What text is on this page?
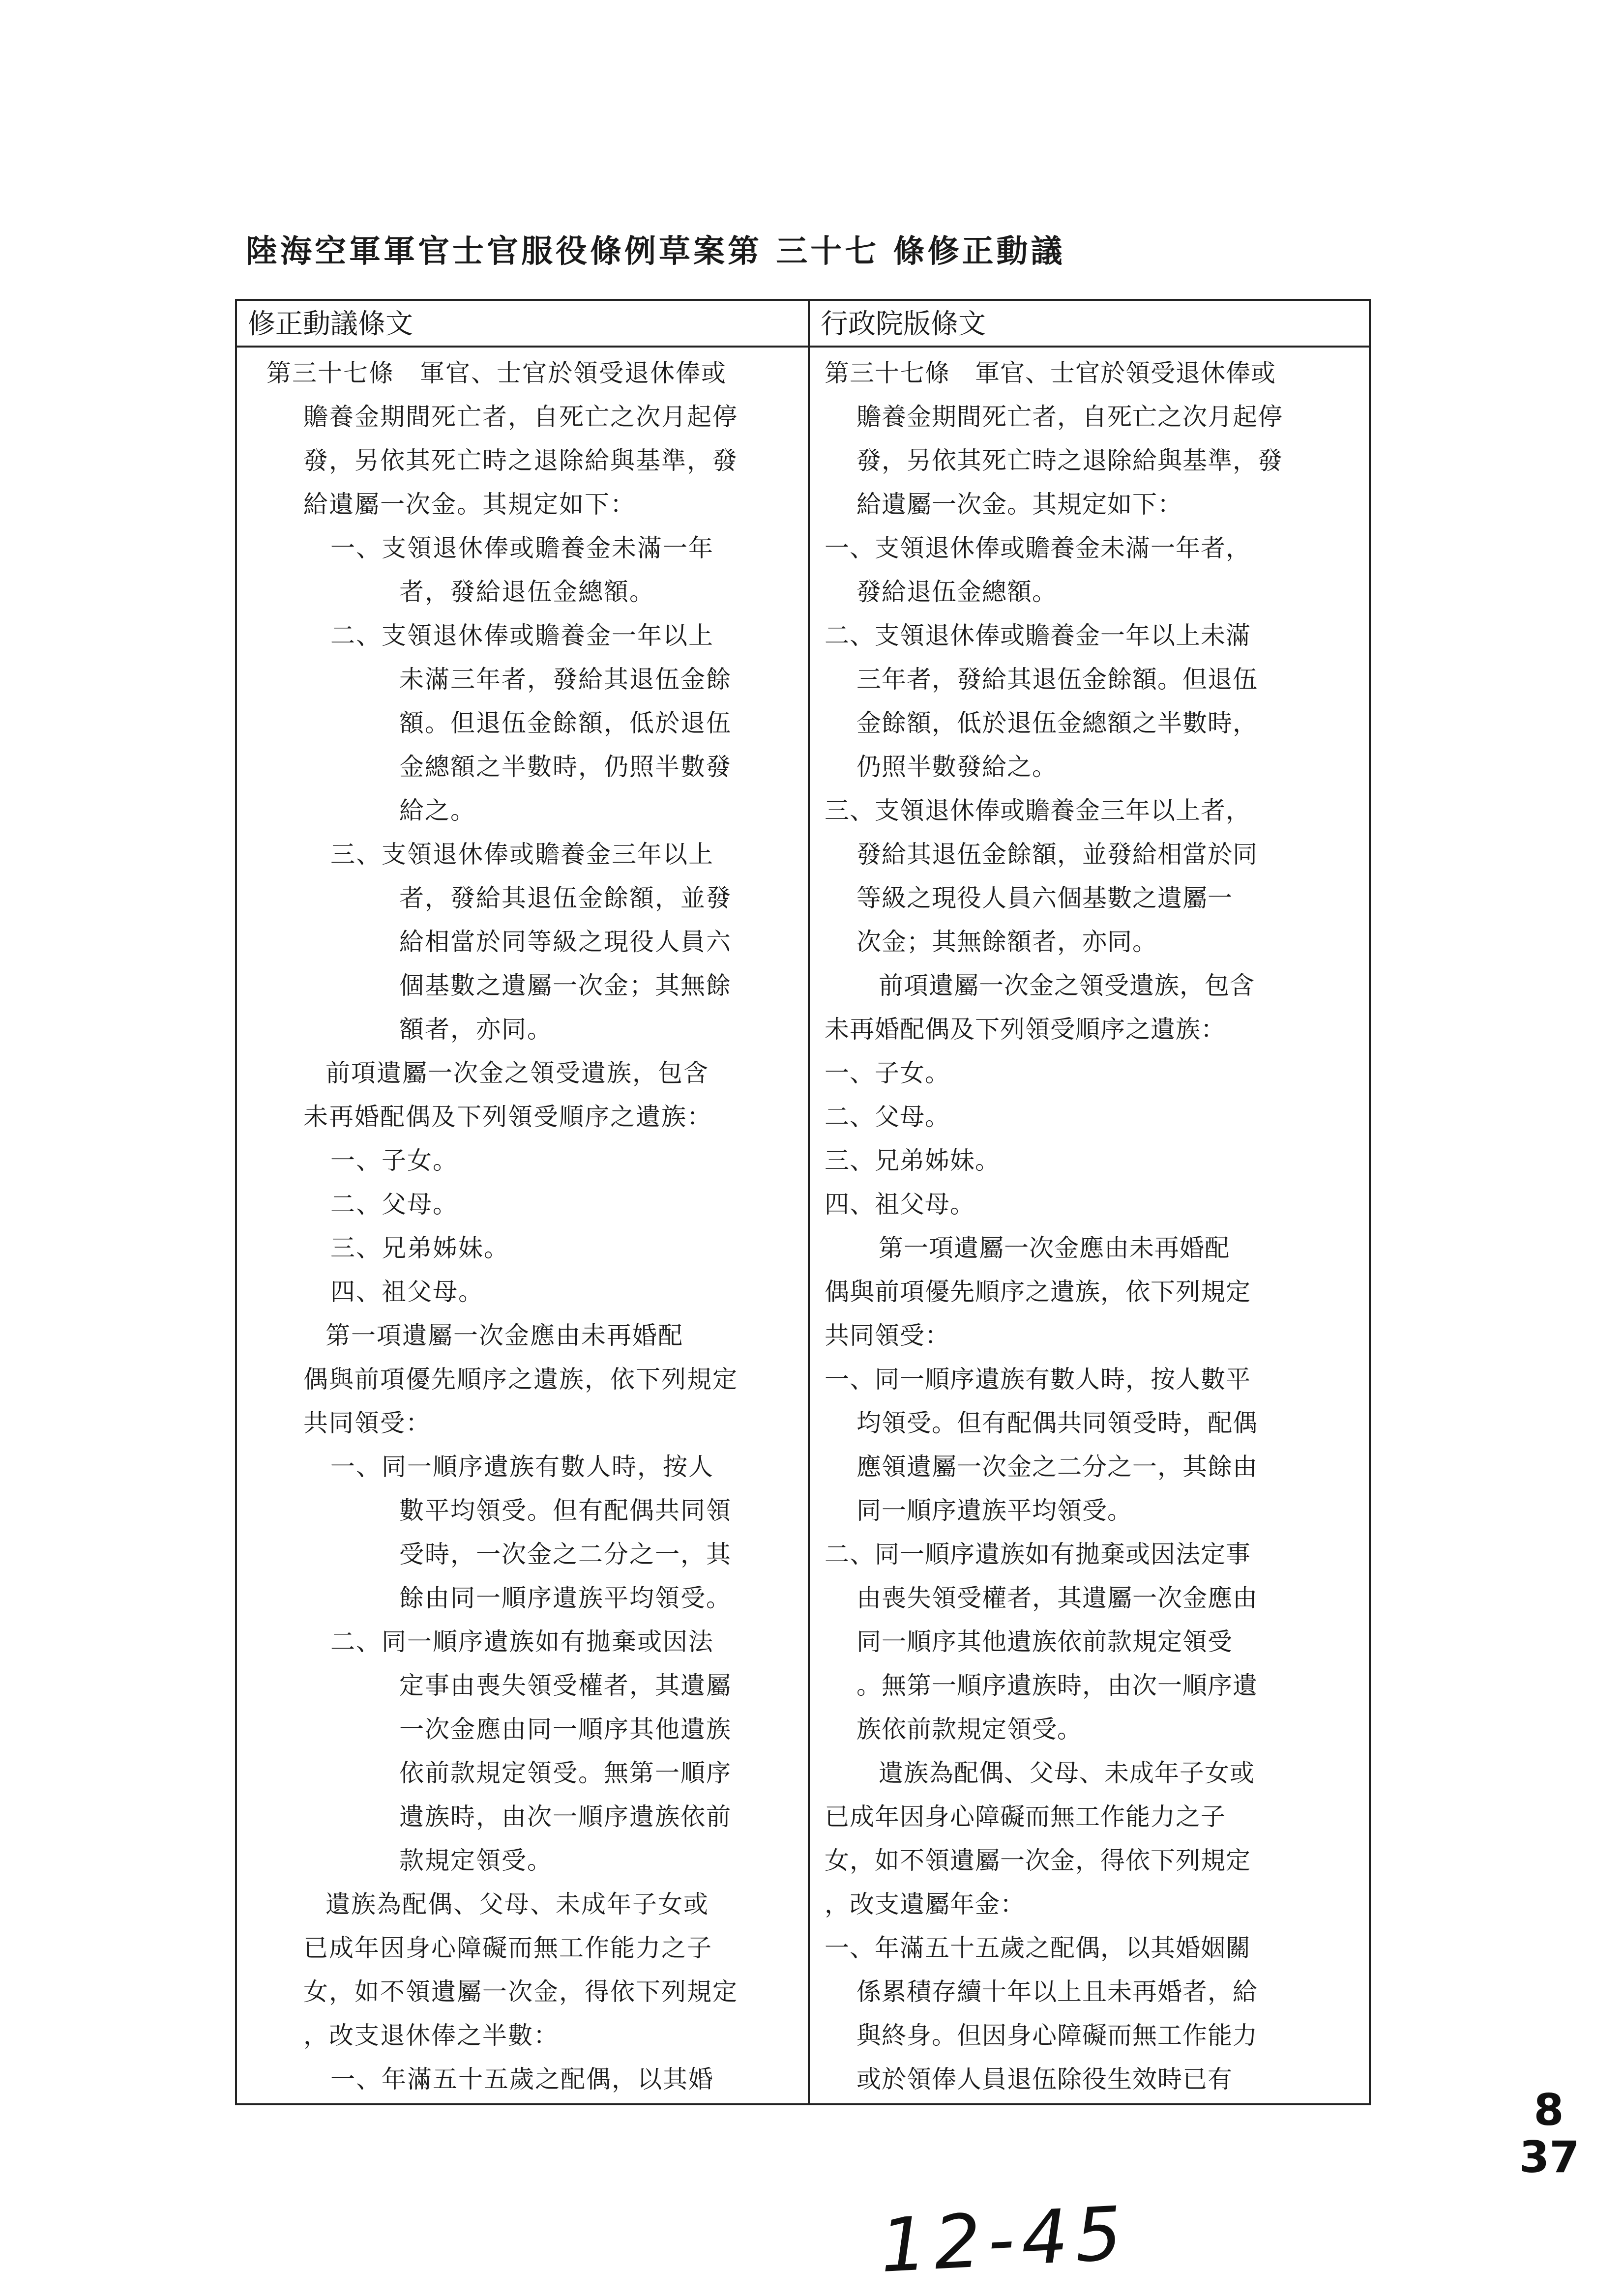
陸海空軍軍官士官服役條例草案第 三十七 條修正動議
修正動議條文
第三十七條　軍官、士官於領受退休俸或
贍養金期間死亡者，自死亡之次月起停
發，另依其死亡時之退除給與基準，發
給遺屬一次金。其規定如下：
一、支領退休俸或贍養金未滿一年
者，發給退伍金總額。
二、支領退休俸或贍養金一年以上
未滿三年者，發給其退伍金餘
額。但退伍金餘額，低於退伍
金總額之半數時，仍照半數發
給之。
三、支領退休俸或贍養金三年以上
者，發給其退伍金餘額，並發
給相當於同等級之現役人員六
個基數之遺屬一次金；其無餘
額者，亦同。
前項遺屬一次金之領受遺族，包含
未再婚配偶及下列領受順序之遺族：
一、子女。
二、父母。
三、兄弟姊妹。
四、祖父母。
第一項遺屬一次金應由未再婚配
偶與前項優先順序之遺族，依下列規定
共同領受：
一、同一順序遺族有數人時，按人
數平均領受。但有配偶共同領
受時，一次金之二分之一，其
餘由同一順序遺族平均領受。
二、同一順序遺族如有拋棄或因法
定事由喪失領受權者，其遺屬
一次金應由同一順序其他遺族
依前款規定領受。無第一順序
遺族時，由次一順序遺族依前
款規定領受。
遺族為配偶、父母、未成年子女或
已成年因身心障礙而無工作能力之子
女，如不領遺屬一次金，得依下列規定
，改支退休俸之半數：
一、年滿五十五歲之配偶，以其婚
行政院版條文
第三十七條　軍官、士官於領受退休俸或
贍養金期間死亡者，自死亡之次月起停
發，另依其死亡時之退除給與基準，發
給遺屬一次金。其規定如下：
一、支領退休俸或贍養金未滿一年者，
發給退伍金總額。
二、支領退休俸或贍養金一年以上未滿
三年者，發給其退伍金餘額。但退伍
金餘額，低於退伍金總額之半數時，
仍照半數發給之。
三、支領退休俸或贍養金三年以上者，
發給其退伍金餘額，並發給相當於同
等級之現役人員六個基數之遺屬一
次金；其無餘額者，亦同。
前項遺屬一次金之領受遺族，包含
未再婚配偶及下列領受順序之遺族：
一、子女。
二、父母。
三、兄弟姊妹。
四、祖父母。
第一項遺屬一次金應由未再婚配
偶與前項優先順序之遺族，依下列規定
共同領受：
一、同一順序遺族有數人時，按人數平
均領受。但有配偶共同領受時，配偶
應領遺屬一次金之二分之一，其餘由
同一順序遺族平均領受。
二、同一順序遺族如有拋棄或因法定事
由喪失領受權者，其遺屬一次金應由
同一順序其他遺族依前款規定領受
。無第一順序遺族時，由次一順序遺
族依前款規定領受。
遺族為配偶、父母、未成年子女或
已成年因身心障礙而無工作能力之子
女，如不領遺屬一次金，得依下列規定
，改支遺屬年金：
一、年滿五十五歲之配偶，以其婚姻關
係累積存續十年以上且未再婚者，給
與終身。但因身心障礙而無工作能力
或於領俸人員退伍除役生效時已有
12-45
8
37
